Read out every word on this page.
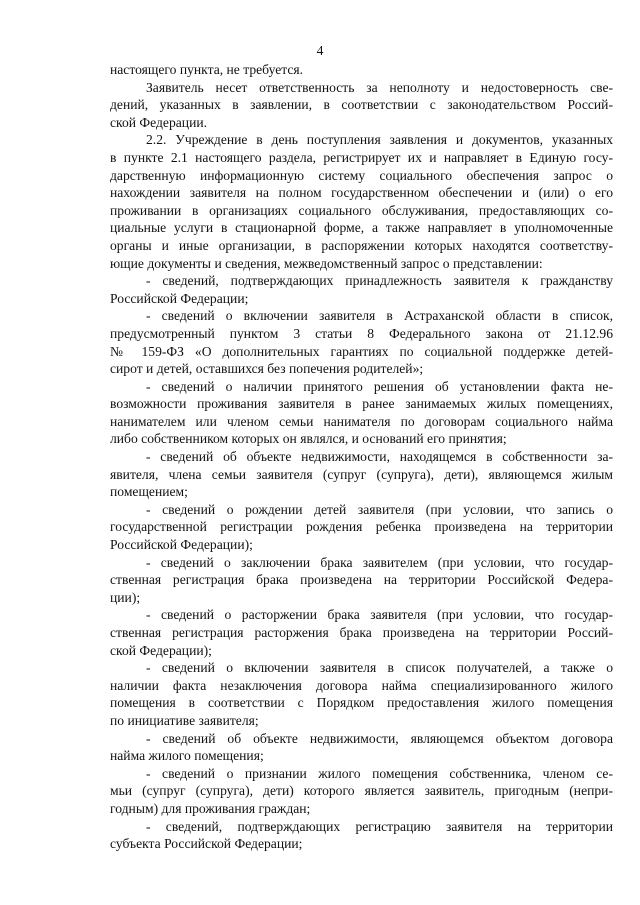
4
настоящего пункта, не требуется.
Заявитель несет ответственность за неполноту и недостоверность све-
дений, указанных в заявлении, в соответствии с законодательством Россий-
ской Федерации.
2.2. Учреждение в день поступления заявления и документов, указанных
в пункте 2.1 настоящего раздела, регистрирует их и направляет в Единую госу-
дарственную информационную систему социального обеспечения запрос о
нахождении заявителя на полном государственном обеспечении и (или) о его
проживании в организациях социального обслуживания, предоставляющих со-
циальные услуги в стационарной форме, а также направляет в уполномоченные
органы и иные организации, в распоряжении которых находятся соответству-
ющие документы и сведения, межведомственный запрос о представлении:
- сведений, подтверждающих принадлежность заявителя к гражданству
Российской Федерации;
- сведений о включении заявителя в Астраханской области в список,
предусмотренный пунктом 3 статьи 8 Федерального закона от 21.12.96
№ 159-ФЗ «О дополнительных гарантиях по социальной поддержке детей-
сирот и детей, оставшихся без попечения родителей»;
- сведений о наличии принятого решения об установлении факта не-
возможности проживания заявителя в ранее занимаемых жилых помещениях,
нанимателем или членом семьи нанимателя по договорам социального найма
либо собственником которых он являлся, и оснований его принятия;
- сведений об объекте недвижимости, находящемся в собственности за-
явителя, члена семьи заявителя (супруг (супруга), дети), являющемся жилым
помещением;
- сведений о рождении детей заявителя (при условии, что запись о
государственной регистрации рождения ребенка произведена на территории
Российской Федерации);
- сведений о заключении брака заявителем (при условии, что государ-
ственная регистрация брака произведена на территории Российской Федера-
ции);
- сведений о расторжении брака заявителя (при условии, что государ-
ственная регистрация расторжения брака произведена на территории Россий-
ской Федерации);
- сведений о включении заявителя в список получателей, а также о
наличии факта незаключения договора найма специализированного жилого
помещения в соответствии с Порядком предоставления жилого помещения
по инициативе заявителя;
- сведений об объекте недвижимости, являющемся объектом договора
найма жилого помещения;
- сведений о признании жилого помещения собственника, членом се-
мьи (супруг (супруга), дети) которого является заявитель, пригодным (непри-
годным) для проживания граждан;
- сведений, подтверждающих регистрацию заявителя на территории
субъекта Российской Федерации;
